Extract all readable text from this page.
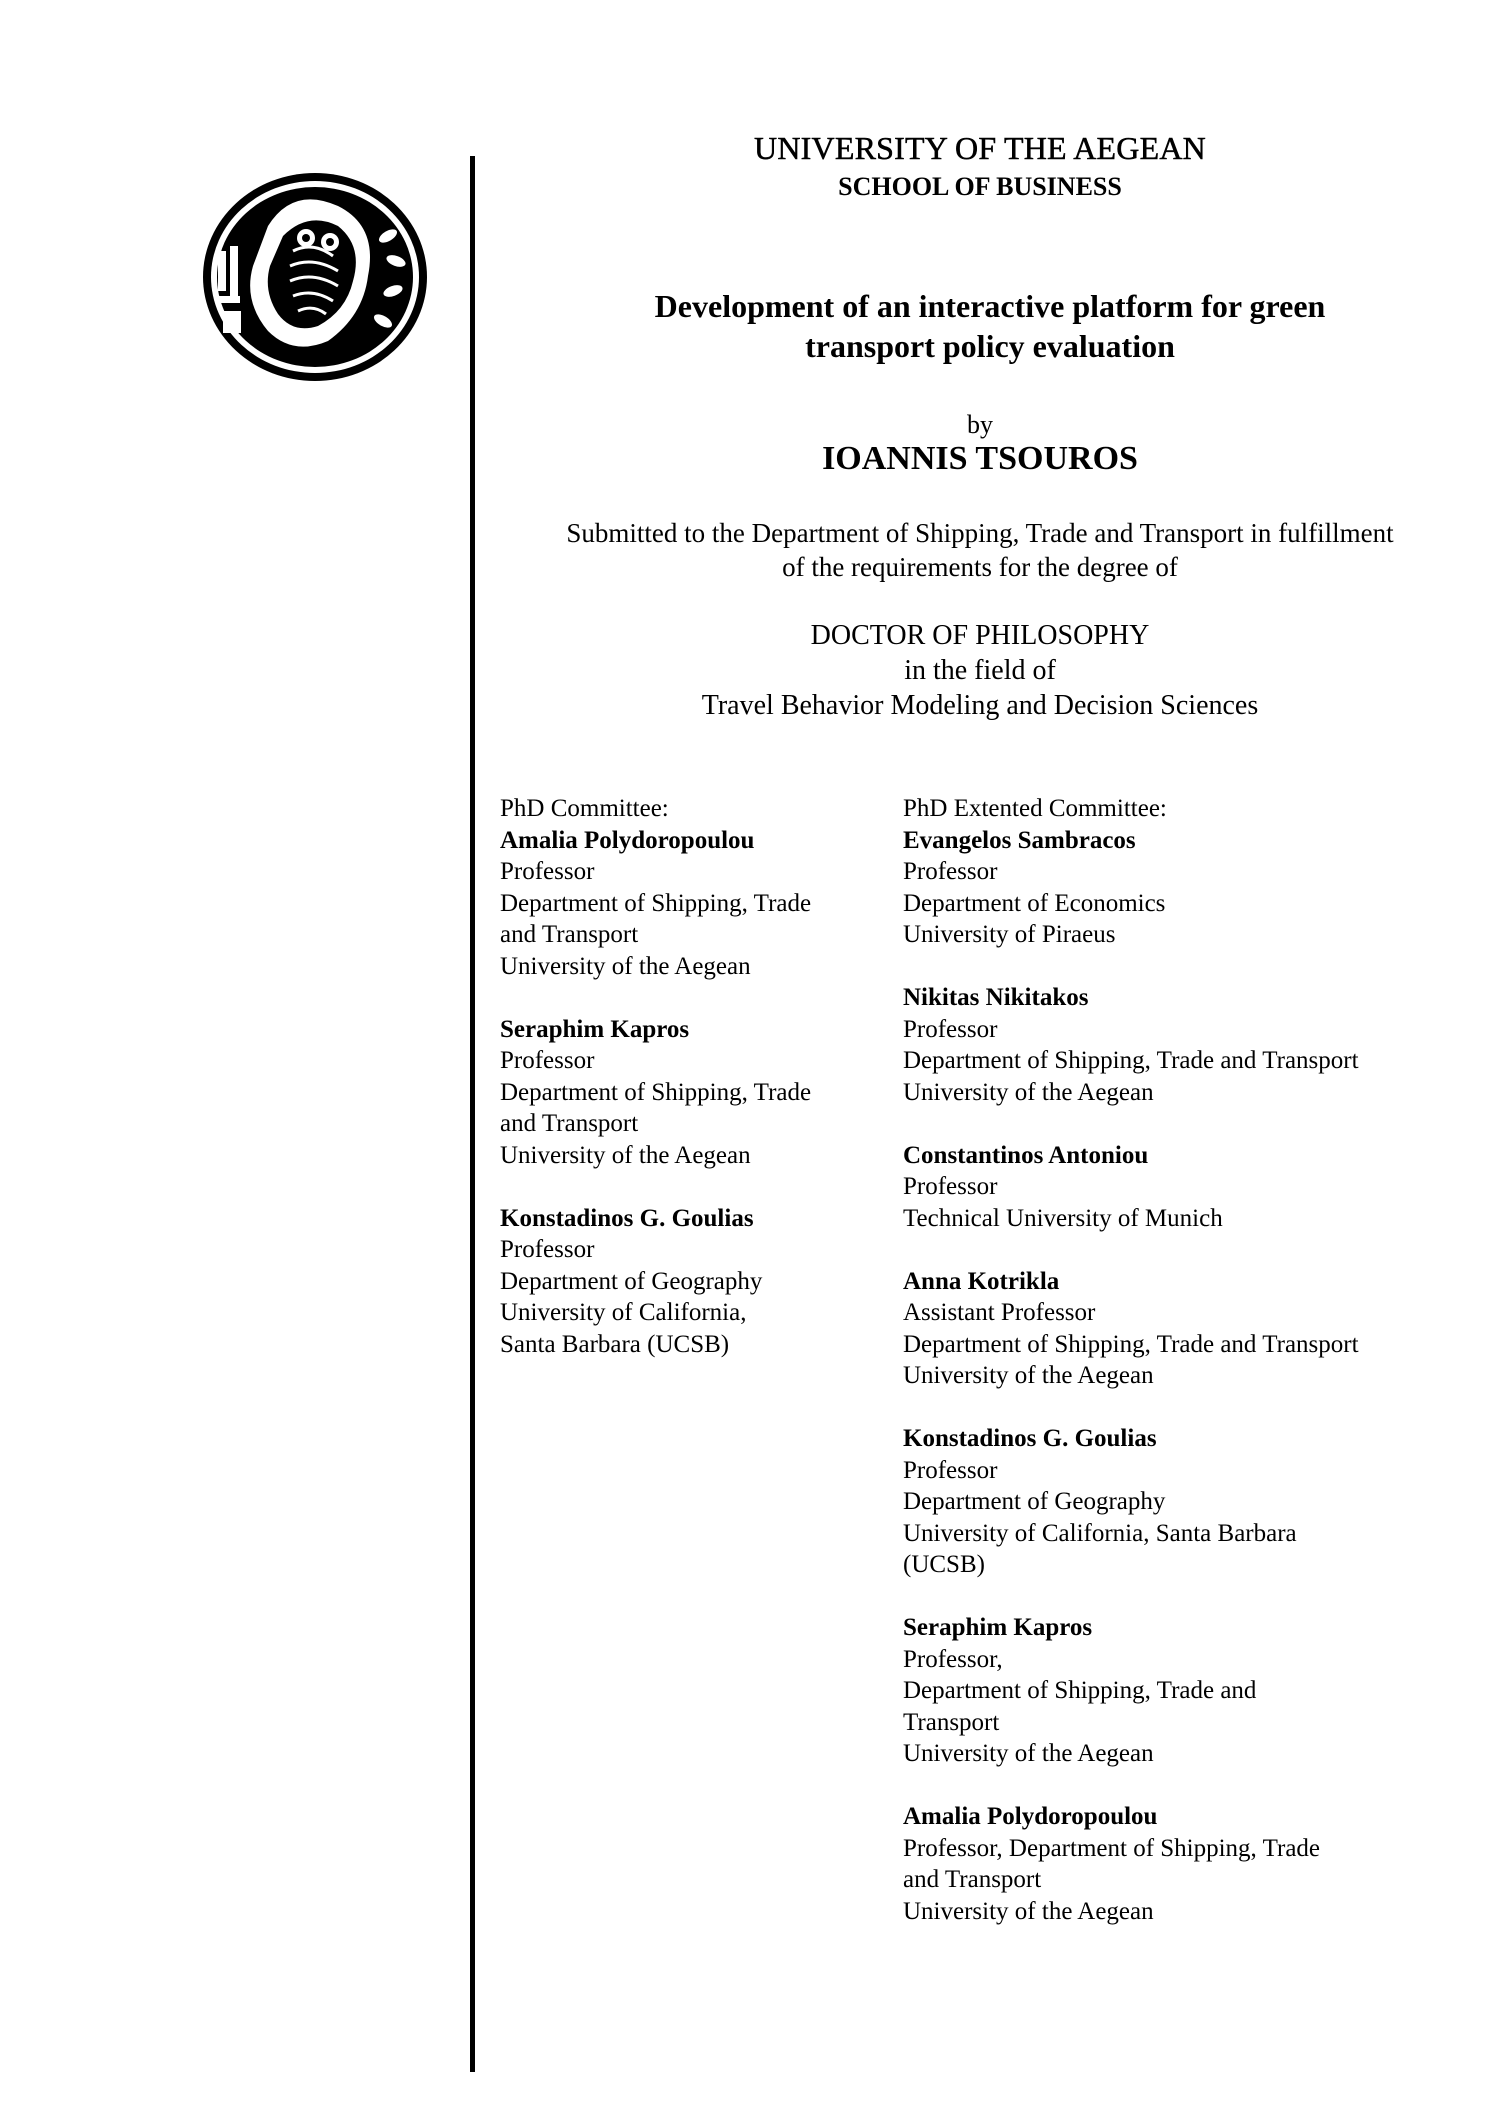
UNIVERSITY OF THE AEGEAN
SCHOOL OF BUSINESS
Development of an interactive platform for green
transport policy evaluation
by
IOANNIS TSOUROS
Submitted to the Department of Shipping, Trade and Transport in fulfillment
of the requirements for the degree of
DOCTOR OF PHILOSOPHY
in the field of
Travel Behavior Modeling and Decision Sciences
PhD Committee:
Amalia Polydoropoulou
Professor
Department of Shipping, Trade
and Transport
University of the Aegean
Seraphim Kapros
Professor
Department of Shipping, Trade
and Transport
University of the Aegean
Konstadinos G. Goulias
Professor
Department of Geography
University of California,
Santa Barbara (UCSB)
PhD Extented Committee:
Evangelos Sambracos
Professor
Department of Economics
University of Piraeus
Nikitas Nikitakos
Professor
Department of Shipping, Trade and Transport
University of the Aegean
Constantinos Antoniou
Professor
Technical University of Munich
Anna Kotrikla
Assistant Professor
Department of Shipping, Trade and Transport
University of the Aegean
Konstadinos G. Goulias
Professor
Department of Geography
University of California, Santa Barbara
(UCSB)
Seraphim Kapros
Professor,
Department of Shipping, Trade and
Transport
University of the Aegean
Amalia Polydoropoulou
Professor, Department of Shipping, Trade
and Transport
University of the Aegean
